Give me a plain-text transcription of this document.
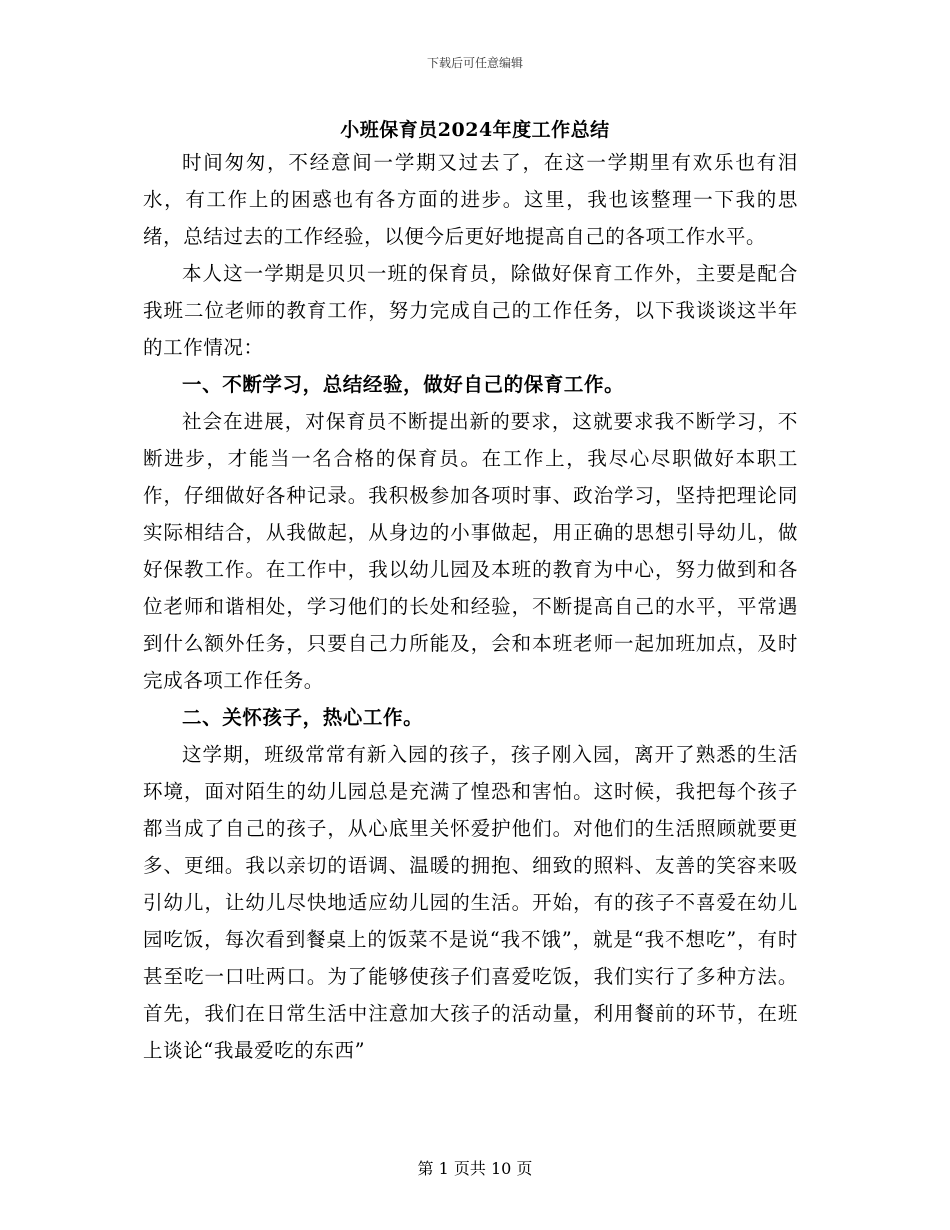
下载后可任意编辑
小班保育员2024年度工作总结

时间匆匆，不经意间一学期又过去了，在这一学期里有欢乐也有泪水，有工作上的困惑也有各方面的进步。这里，我也该整理一下我的思绪，总结过去的工作经验，以便今后更好地提高自己的各项工作水平。

本人这一学期是贝贝一班的保育员，除做好保育工作外，主要是配合我班二位老师的教育工作，努力完成自己的工作任务，以下我谈谈这半年的工作情况：

一、不断学习，总结经验，做好自己的保育工作。

社会在进展，对保育员不断提出新的要求，这就要求我不断学习，不断进步，才能当一名合格的保育员。在工作上，我尽心尽职做好本职工作，仔细做好各种记录。我积极参加各项时事、政治学习，坚持把理论同实际相结合，从我做起，从身边的小事做起，用正确的思想引导幼儿，做好保教工作。在工作中，我以幼儿园及本班的教育为中心，努力做到和各位老师和谐相处，学习他们的长处和经验，不断提高自己的水平，平常遇到什么额外任务，只要自己力所能及，会和本班老师一起加班加点，及时完成各项工作任务。

二、关怀孩子，热心工作。

这学期，班级常常有新入园的孩子，孩子刚入园，离开了熟悉的生活环境，面对陌生的幼儿园总是充满了惶恐和害怕。这时候，我把每个孩子都当成了自己的孩子，从心底里关怀爱护他们。对他们的生活照顾就要更多、更细。我以亲切的语调、温暖的拥抱、细致的照料、友善的笑容来吸引幼儿，让幼儿尽快地适应幼儿园的生活。开始，有的孩子不喜爱在幼儿园吃饭，每次看到餐桌上的饭菜不是说“我不饿”，就是“我不想吃”，有时甚至吃一口吐两口。为了能够使孩子们喜爱吃饭，我们实行了多种方法。首先，我们在日常生活中注意加大孩子的活动量，利用餐前的环节，在班上谈论“我最爱吃的东西”

第 1 页共 10 页
